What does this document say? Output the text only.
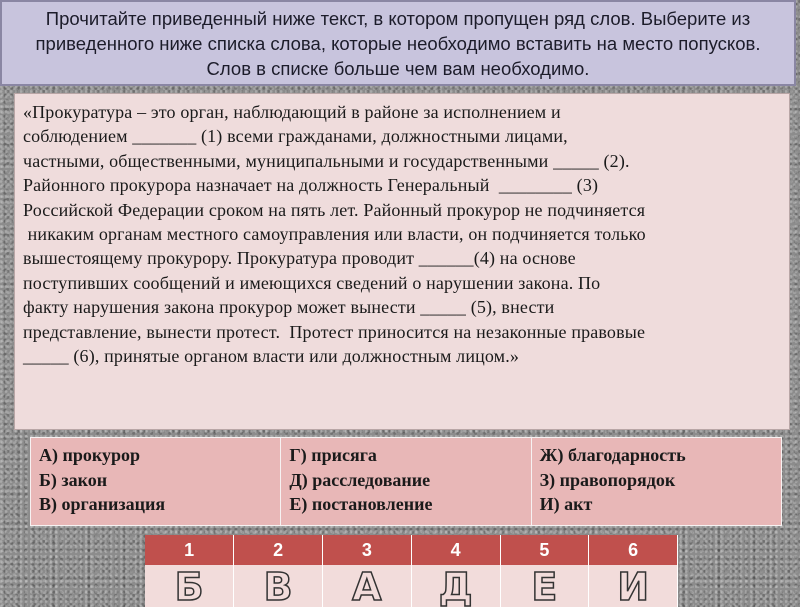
Прочитайте приведенный ниже текст, в котором пропущен ряд слов. Выберите из приведенного ниже списка слова, которые необходимо вставить на место попусков. Слов в списке больше чем вам необходимо.
«Прокуратура – это орган, наблюдающий в районе за исполнением и
соблюдением _______ (1) всеми гражданами, должностными лицами,
частными, общественными, муниципальными и государственными _____ (2).
Районного прокурора назначает на должность Генеральный  ________ (3)
Российской Федерации сроком на пять лет. Районный прокурор не подчиняется
никаким органам местного самоуправления или власти, он подчиняется только
вышестоящему прокурору. Прокуратура проводит ______(4) на основе
поступивших сообщений и имеющихся сведений о нарушении закона. По
факту нарушения закона прокурор может вынести _____ (5), внести
представление, вынести протест.  Протест приносится на незаконные правовые
_____ (6), принятые органом власти или должностным лицом.»
А) прокурор
Б) закон
В) организация

Г) присяга
Д) расследование
Е) постановление

Ж) благодарность
З) правопорядок
И) акт
1	2	3	4	5	6
Б	В	А	Д	Е	И
